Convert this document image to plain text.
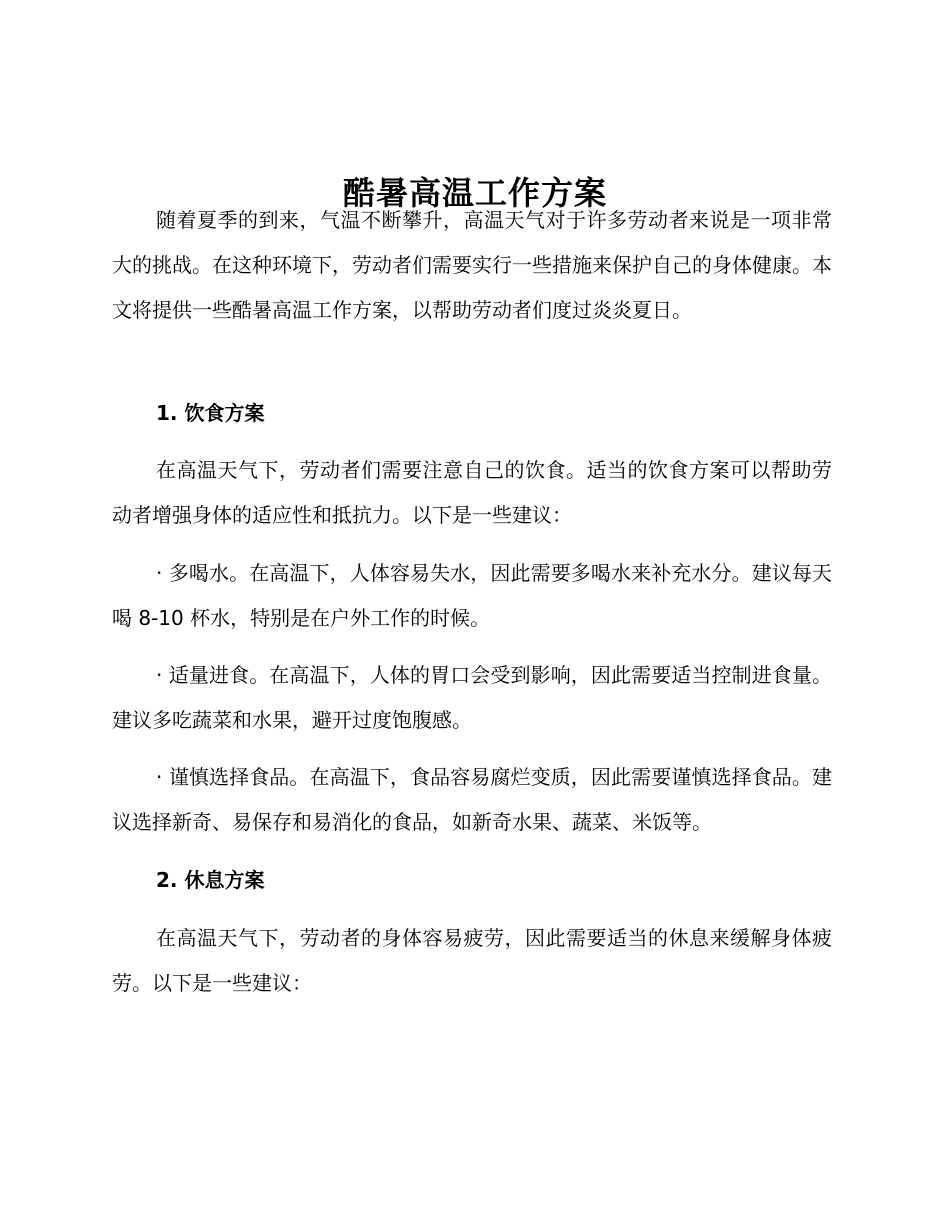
酷暑高温工作方案

随着夏季的到来，气温不断攀升，高温天气对于许多劳动者来说是一项非常大的挑战。在这种环境下，劳动者们需要实行一些措施来保护自己的身体健康。本文将提供一些酷暑高温工作方案，以帮助劳动者们度过炎炎夏日。

1. 饮食方案

在高温天气下，劳动者们需要注意自己的饮食。适当的饮食方案可以帮助劳动者增强身体的适应性和抵抗力。以下是一些建议：

· 多喝水。在高温下，人体容易失水，因此需要多喝水来补充水分。建议每天喝 8-10 杯水，特别是在户外工作的时候。

· 适量进食。在高温下，人体的胃口会受到影响，因此需要适当控制进食量。建议多吃蔬菜和水果，避开过度饱腹感。

· 谨慎选择食品。在高温下，食品容易腐烂变质，因此需要谨慎选择食品。建议选择新奇、易保存和易消化的食品，如新奇水果、蔬菜、米饭等。

2. 休息方案

在高温天气下，劳动者的身体容易疲劳，因此需要适当的休息来缓解身体疲劳。以下是一些建议：
